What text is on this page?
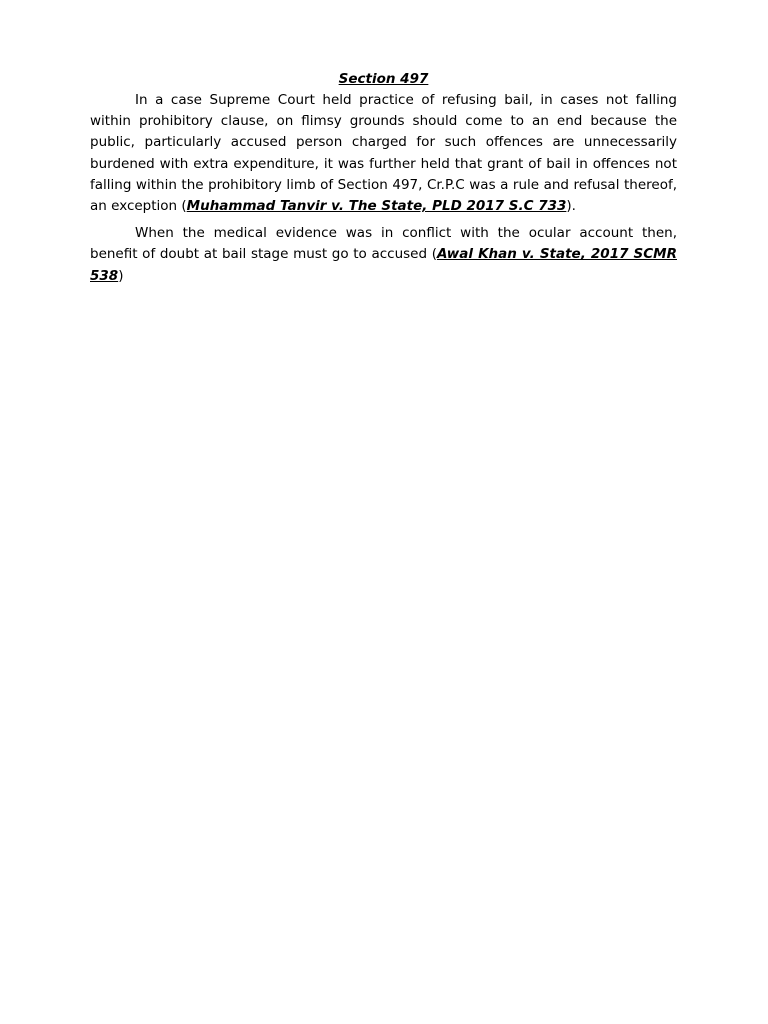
Section 497

In a case Supreme Court held practice of refusing bail, in cases not falling within prohibitory clause, on flimsy grounds should come to an end because the public, particularly accused person charged for such offences are unnecessarily burdened with extra expenditure, it was further held that grant of bail in offences not falling within the prohibitory limb of Section 497, Cr.P.C was a rule and refusal thereof, an exception (Muhammad Tanvir v. The State, PLD 2017 S.C 733).

When the medical evidence was in conflict with the ocular account then, benefit of doubt at bail stage must go to accused (Awal Khan v. State, 2017 SCMR 538)
